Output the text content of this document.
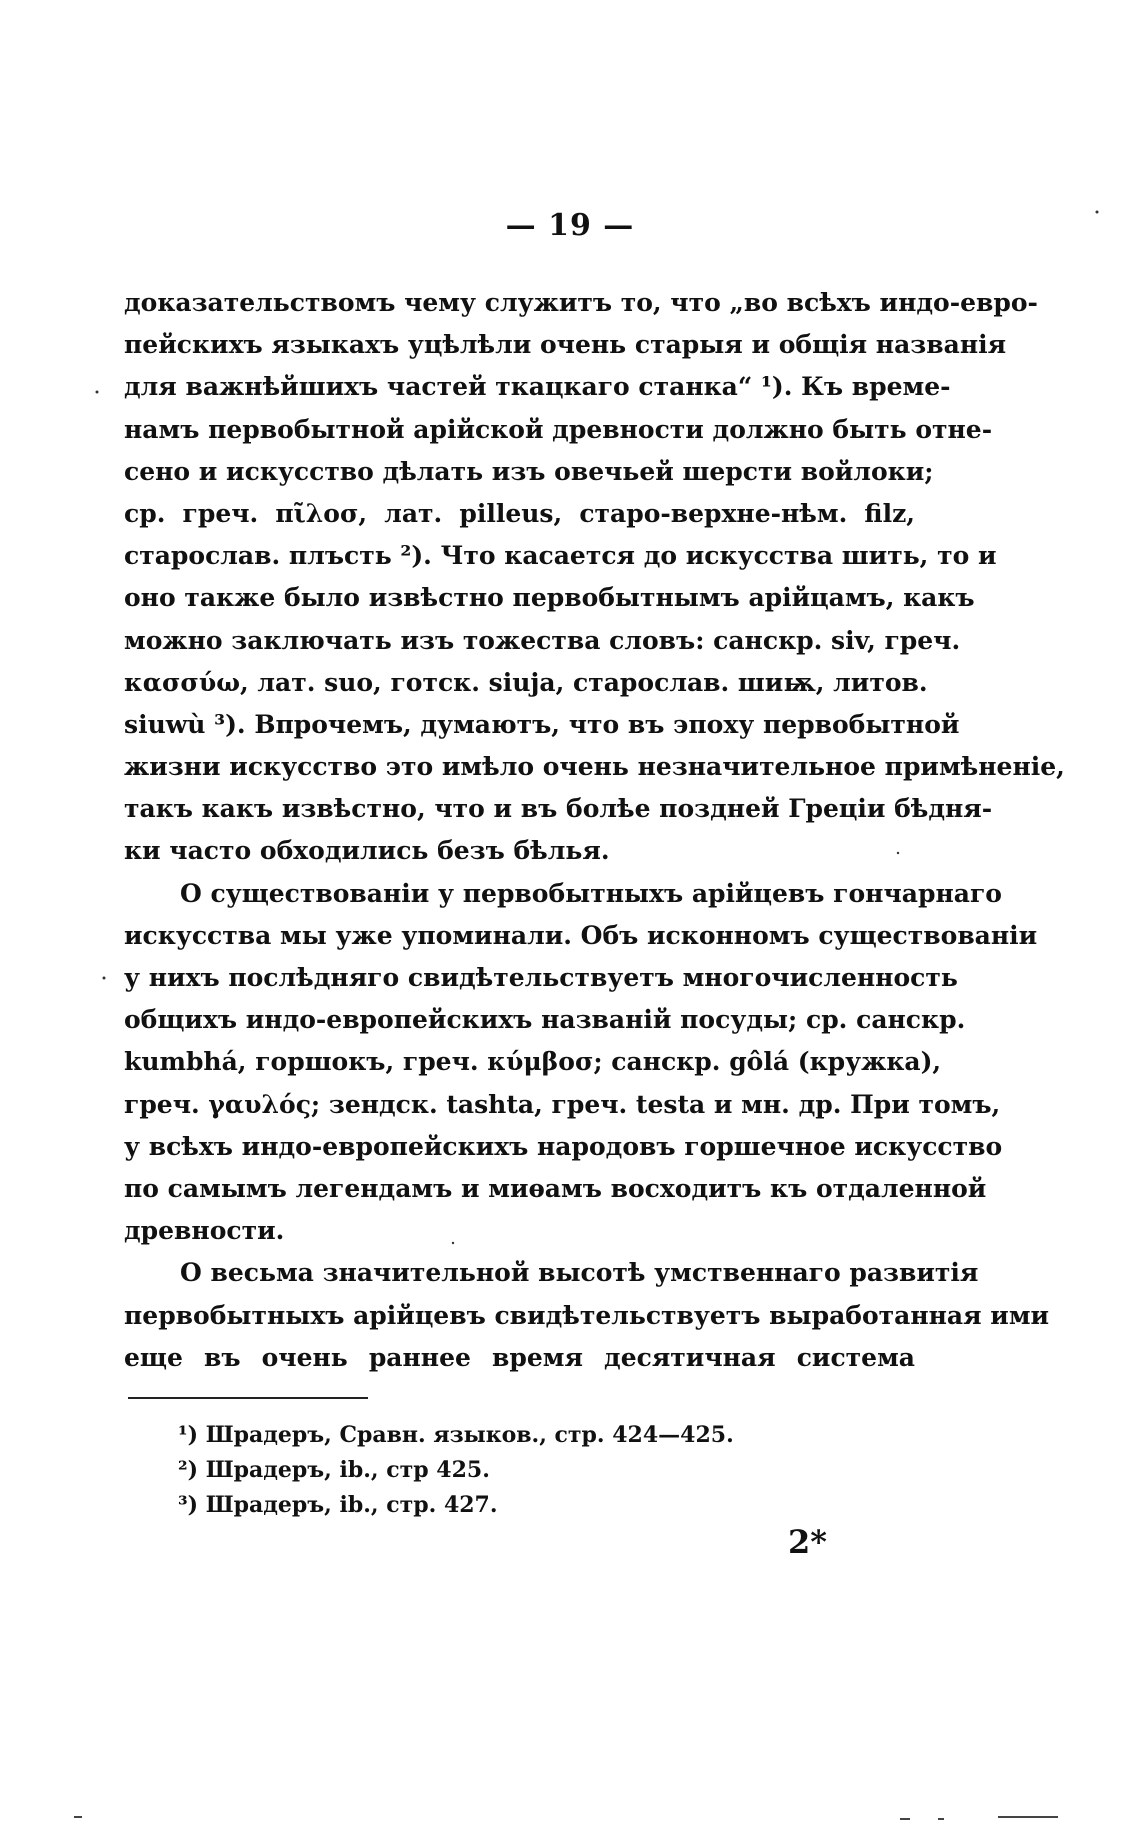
— 19 —
доказательствомъ чему служитъ то, что „во всѣхъ индо-евро-
пейскихъ языкахъ уцѣлѣли очень старыя и общія названія
для важнѣйшихъ частей ткацкаго станка“ ¹). Къ време-
намъ первобытной арійской древности должно быть отне-
сено и искусство дѣлать изъ овечьей шерсти войлоки;
ср. греч. πῖλοσ, лат. pilleus, старо-верхне-нѣм. filz,
старослав. плъсть ²). Что касается до искусства шить, то и
оно также было извѣстно первобытнымъ арійцамъ, какъ
можно заключать изъ тожества словъ: санскр. siv, греч.
κασσύω, лат. suo, готск. siuja, старослав. шиѭ, литов.
siuwù ³). Впрочемъ, думаютъ, что въ эпоху первобытной
жизни искусство это имѣло очень незначительное примѣненіе,
такъ какъ извѣстно, что и въ болѣе поздней Греціи бѣдня-
ки часто обходились безъ бѣлья.
О существованіи у первобытныхъ арійцевъ гончарнаго
искусства мы уже упоминали. Объ исконномъ существованіи
у нихъ послѣдняго свидѣтельствуетъ многочисленность
общихъ индо-европейскихъ названій посуды; ср. санскр.
kumbhá, горшокъ, греч. κύμβοσ; санскр. gôlá (кружка),
греч. γαυλός; зендск. tashta, греч. testa и мн. др. При томъ,
у всѣхъ индо-европейскихъ народовъ горшечное искусство
по самымъ легендамъ и миѳамъ восходитъ къ отдаленной
древности.
О весьма значительной высотѣ умственнаго развитія
первобытныхъ арійцевъ свидѣтельствуетъ выработанная ими
еще въ очень раннее время десятичная система
¹) Шрадеръ, Сравн. языков., стр. 424—425.
²) Шрадеръ, ib., стр 425.
³) Шрадеръ, ib., стр. 427.
2*
